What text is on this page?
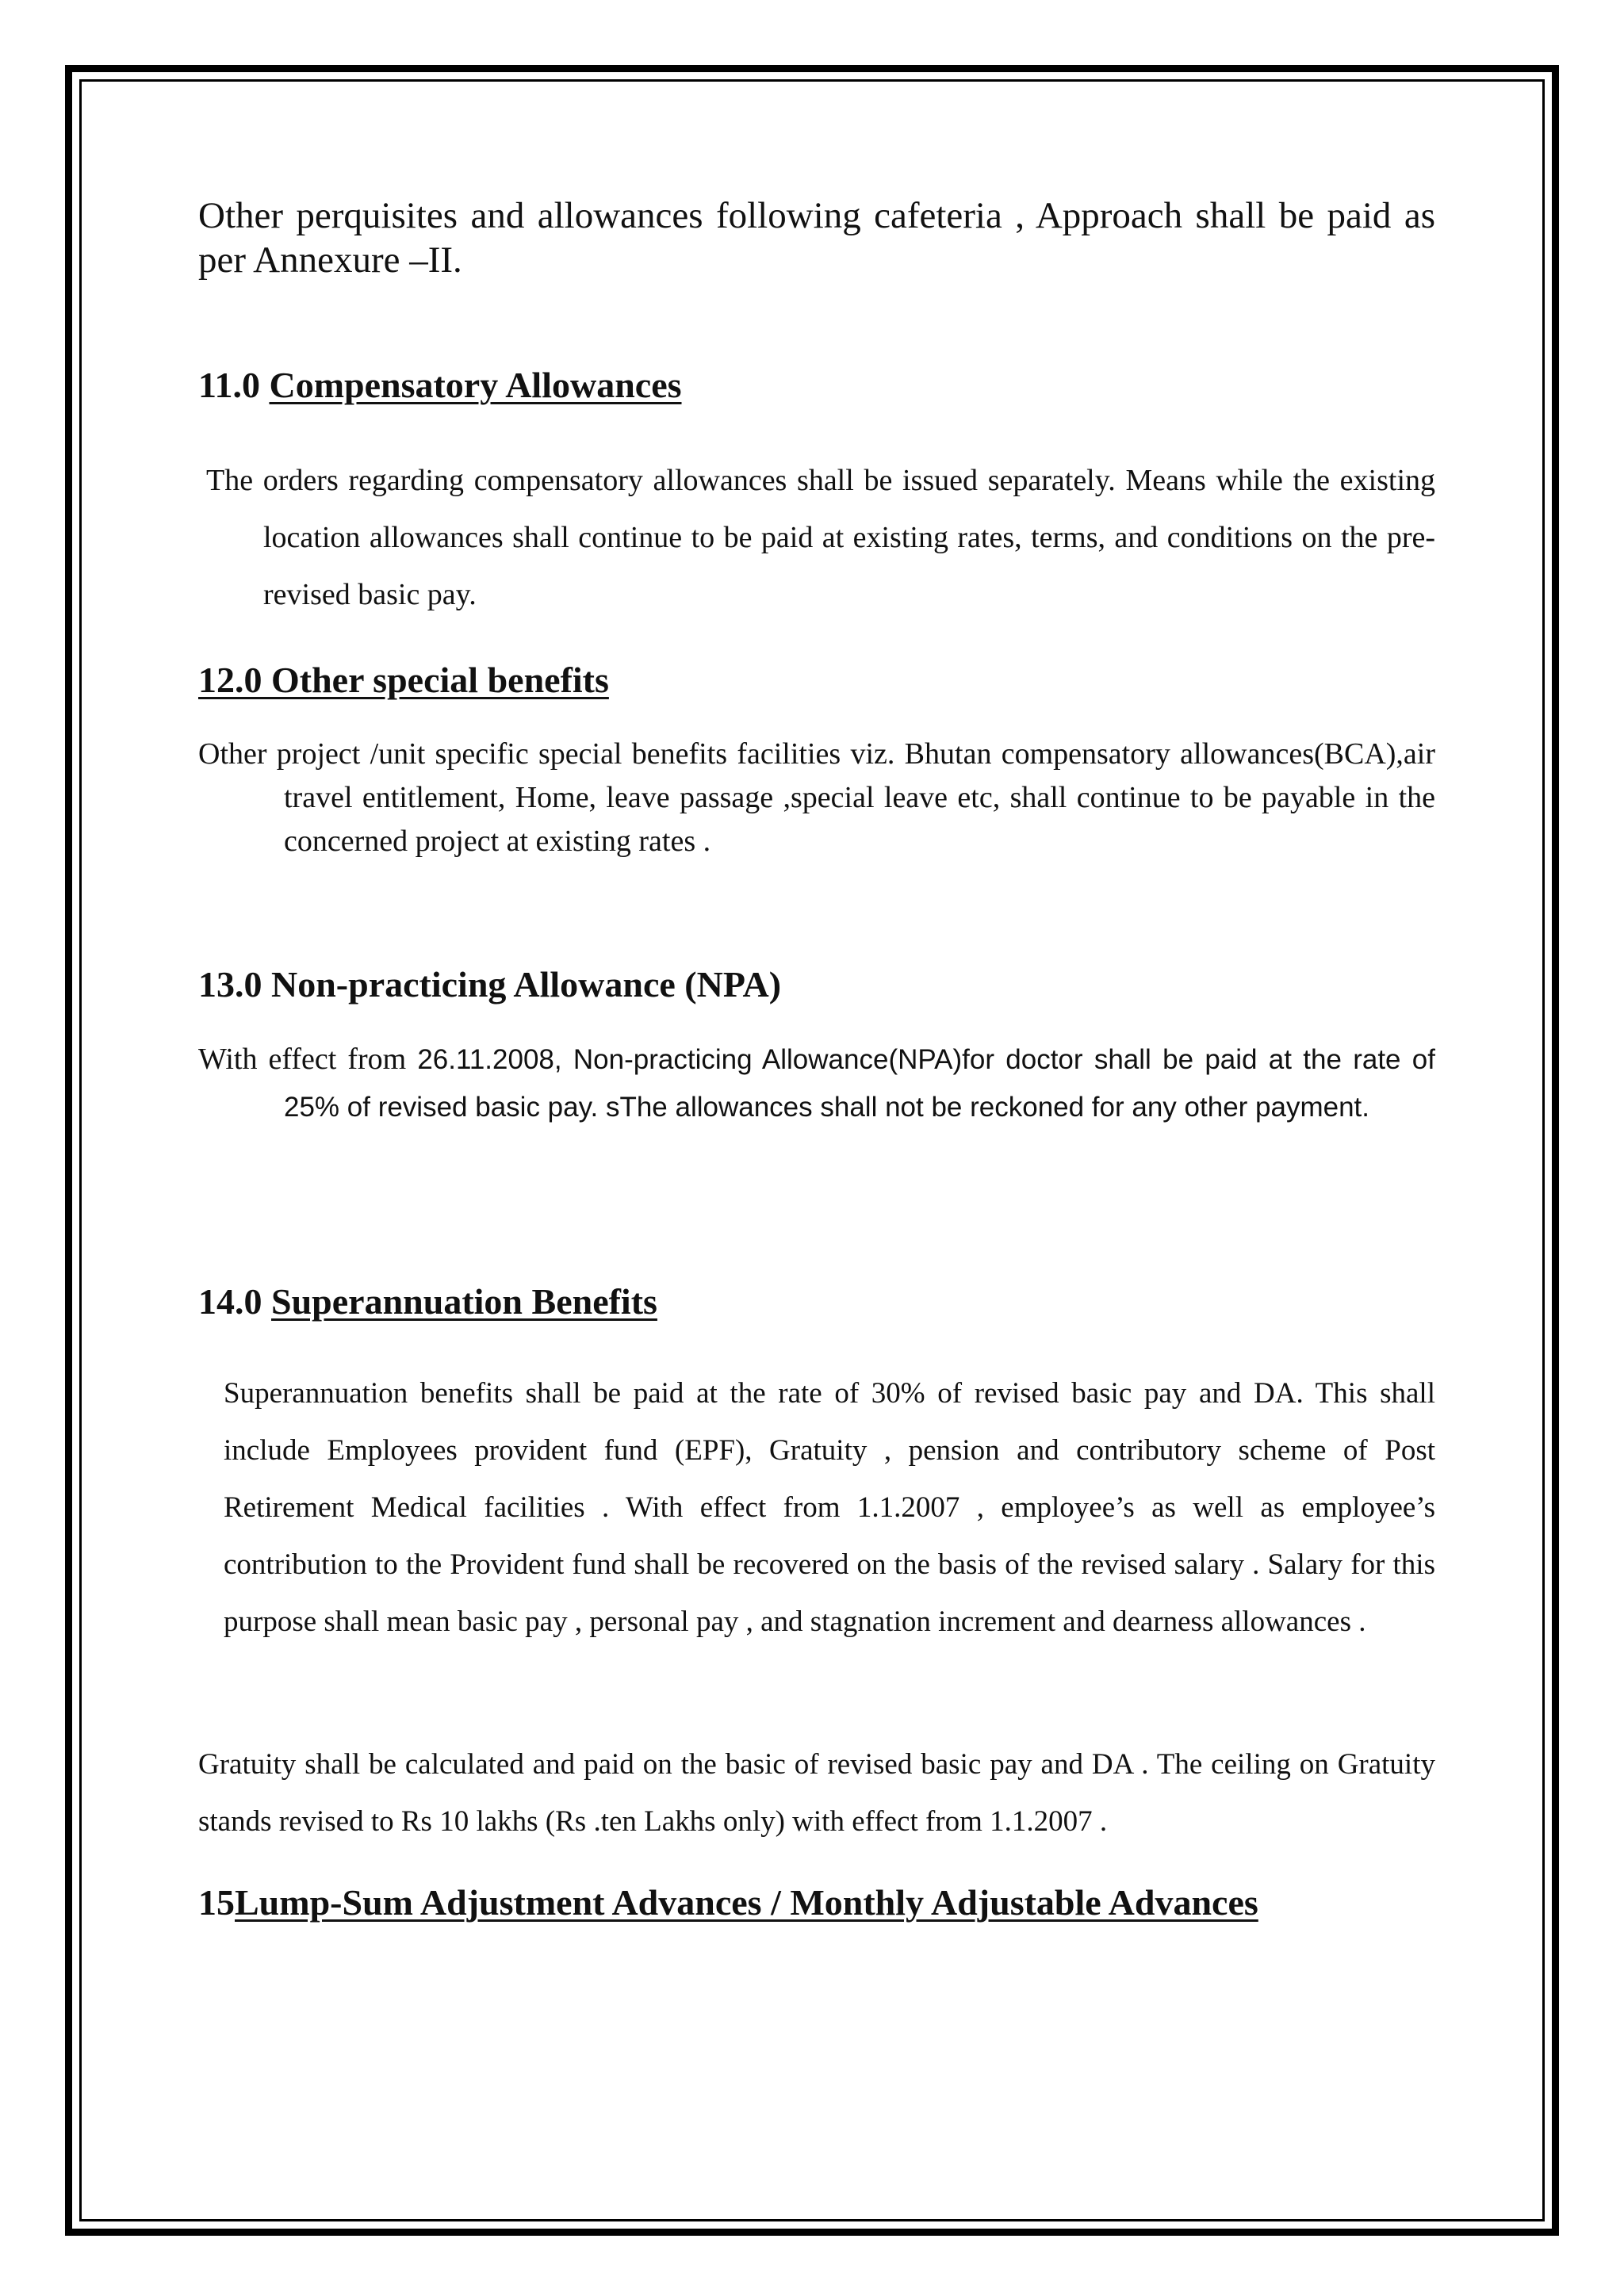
Other perquisites and allowances following cafeteria , Approach shall be paid as per Annexure –II.
11.0 Compensatory Allowances
The orders regarding compensatory allowances shall be issued separately. Means while the existing location allowances shall continue to be paid at existing rates, terms, and conditions on the pre-revised basic pay.
12.0 Other special benefits
Other project /unit specific special benefits facilities viz. Bhutan compensatory allowances(BCA),air travel entitlement, Home, leave passage ,special leave etc, shall continue to be payable in the concerned project at existing rates .
13.0 Non-practicing Allowance (NPA)
With effect from 26.11.2008, Non-practicing Allowance(NPA)for doctor shall be paid at the rate of 25% of revised basic pay. sThe allowances shall not be reckoned for any other payment.
14.0 Superannuation Benefits
Superannuation benefits shall be paid at the rate of 30% of revised basic pay and DA. This shall include Employees provident fund (EPF), Gratuity , pension and contributory scheme of Post Retirement Medical facilities . With effect from 1.1.2007 , employee’s as well as employee’s contribution to the Provident fund shall be recovered on the basis of the revised salary . Salary for this purpose shall mean basic pay , personal pay , and stagnation increment and dearness allowances .
Gratuity shall be calculated and paid on the basic of revised basic pay and DA . The ceiling on Gratuity stands revised to Rs 10 lakhs (Rs .ten Lakhs only) with effect from 1.1.2007 .
15Lump-Sum Adjustment Advances / Monthly Adjustable Advances
